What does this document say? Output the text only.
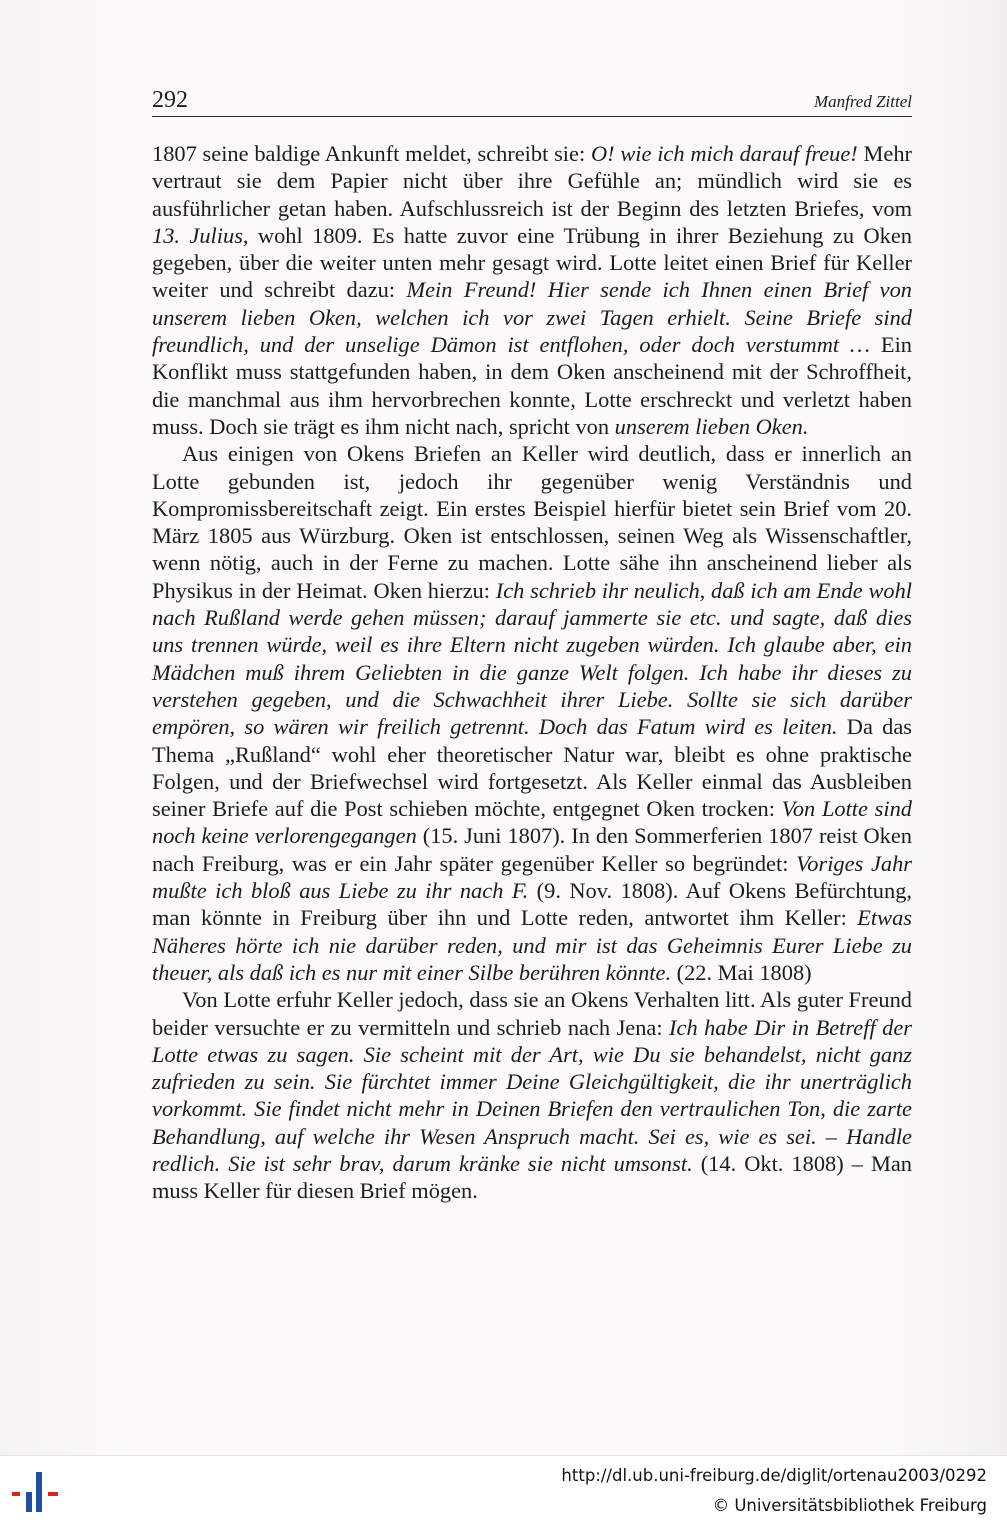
292	Manfred Zittel

1807 seine baldige Ankunft meldet, schreibt sie: O! wie ich mich darauf freue! Mehr vertraut sie dem Papier nicht über ihre Gefühle an; mündlich wird sie es ausführlicher getan haben. Aufschlussreich ist der Beginn des letzten Briefes, vom 13. Julius, wohl 1809. Es hatte zuvor eine Trübung in ihrer Beziehung zu Oken gegeben, über die weiter unten mehr gesagt wird. Lotte leitet einen Brief für Keller weiter und schreibt dazu: Mein Freund! Hier sende ich Ihnen einen Brief von unserem lieben Oken, welchen ich vor zwei Tagen erhielt. Seine Briefe sind freundlich, und der unselige Dämon ist entflohen, oder doch verstummt … Ein Konflikt muss stattgefunden haben, in dem Oken anscheinend mit der Schroffheit, die manchmal aus ihm hervorbrechen konnte, Lotte erschreckt und verletzt haben muss. Doch sie trägt es ihm nicht nach, spricht von unserem lieben Oken.

Aus einigen von Okens Briefen an Keller wird deutlich, dass er innerlich an Lotte gebunden ist, jedoch ihr gegenüber wenig Verständnis und Kompromissbereitschaft zeigt. Ein erstes Beispiel hierfür bietet sein Brief vom 20. März 1805 aus Würzburg. Oken ist entschlossen, seinen Weg als Wissenschaftler, wenn nötig, auch in der Ferne zu machen. Lotte sähe ihn anscheinend lieber als Physikus in der Heimat. Oken hierzu: Ich schrieb ihr neulich, daß ich am Ende wohl nach Rußland werde gehen müssen; darauf jammerte sie etc. und sagte, daß dies uns trennen würde, weil es ihre Eltern nicht zugeben würden. Ich glaube aber, ein Mädchen muß ihrem Geliebten in die ganze Welt folgen. Ich habe ihr dieses zu verstehen gegeben, und die Schwachheit ihrer Liebe. Sollte sie sich darüber empören, so wären wir freilich getrennt. Doch das Fatum wird es leiten. Da das Thema „Rußland“ wohl eher theoretischer Natur war, bleibt es ohne praktische Folgen, und der Briefwechsel wird fortgesetzt. Als Keller einmal das Ausbleiben seiner Briefe auf die Post schieben möchte, entgegnet Oken trocken: Von Lotte sind noch keine verlorengegangen (15. Juni 1807). In den Sommerferien 1807 reist Oken nach Freiburg, was er ein Jahr später gegenüber Keller so begründet: Voriges Jahr mußte ich bloß aus Liebe zu ihr nach F. (9. Nov. 1808). Auf Okens Befürchtung, man könnte in Freiburg über ihn und Lotte reden, antwortet ihm Keller: Etwas Näheres hörte ich nie darüber reden, und mir ist das Geheimnis Eurer Liebe zu theuer, als daß ich es nur mit einer Silbe berühren könnte. (22. Mai 1808)

Von Lotte erfuhr Keller jedoch, dass sie an Okens Verhalten litt. Als guter Freund beider versuchte er zu vermitteln und schrieb nach Jena: Ich habe Dir in Betreff der Lotte etwas zu sagen. Sie scheint mit der Art, wie Du sie behandelst, nicht ganz zufrieden zu sein. Sie fürchtet immer Deine Gleichgültigkeit, die ihr unerträglich vorkommt. Sie findet nicht mehr in Deinen Briefen den vertraulichen Ton, die zarte Behandlung, auf welche ihr Wesen Anspruch macht. Sei es, wie es sei. – Handle redlich. Sie ist sehr brav, darum kränke sie nicht umsonst. (14. Okt. 1808) – Man muss Keller für diesen Brief mögen.

http://dl.ub.uni-freiburg.de/diglit/ortenau2003/0292
© Universitätsbibliothek Freiburg
